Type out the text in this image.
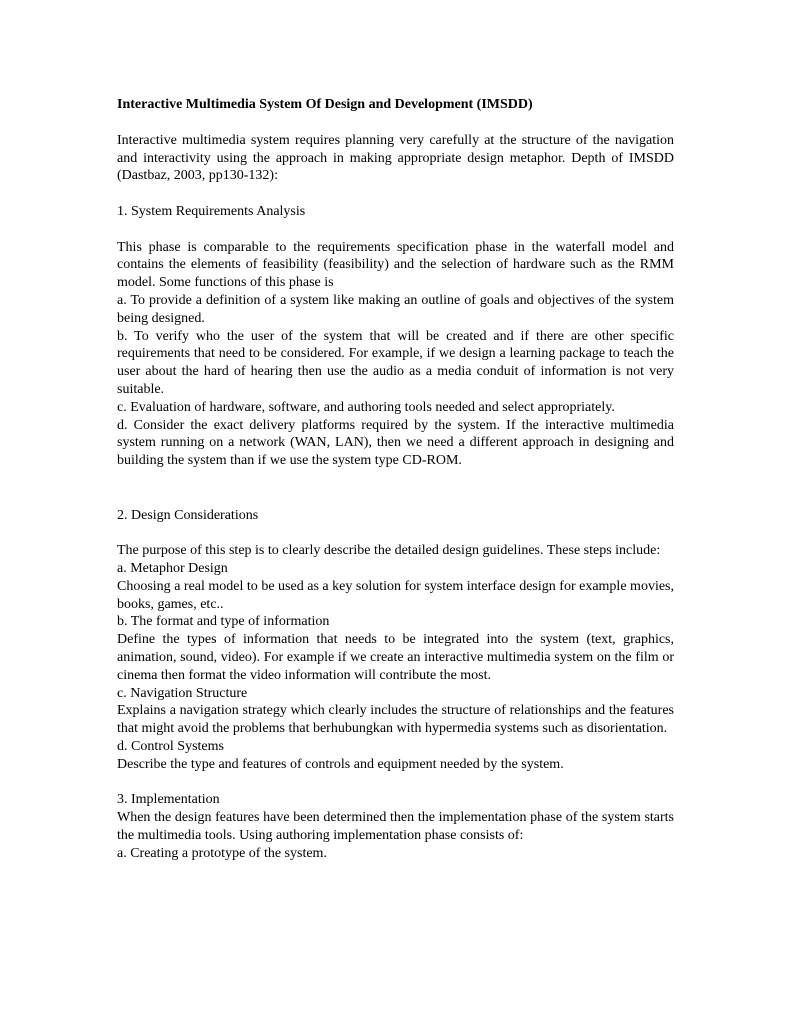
Interactive Multimedia System Of Design and Development (IMSDD)

Interactive multimedia system requires planning very carefully at the structure of the navigation and interactivity using the approach in making appropriate design metaphor. Depth of IMSDD (Dastbaz, 2003, pp130-132):

1. System Requirements Analysis

This phase is comparable to the requirements specification phase in the waterfall model and contains the elements of feasibility (feasibility) and the selection of hardware such as the RMM model. Some functions of this phase is

a. To provide a definition of a system like making an outline of goals and objectives of the system being designed.

b. To verify who the user of the system that will be created and if there are other specific requirements that need to be considered. For example, if we design a learning package to teach the user about the hard of hearing then use the audio as a media conduit of information is not very suitable.

c. Evaluation of hardware, software, and authoring tools needed and select appropriately.

d. Consider the exact delivery platforms required by the system. If the interactive multimedia system running on a network (WAN, LAN), then we need a different approach in designing and building the system than if we use the system type CD-ROM.

2. Design Considerations

The purpose of this step is to clearly describe the detailed design guidelines. These steps include:

a. Metaphor Design

Choosing a real model to be used as a key solution for system interface design for example movies, books, games, etc..

b. The format and type of information

Define the types of information that needs to be integrated into the system (text, graphics, animation, sound, video). For example if we create an interactive multimedia system on the film or cinema then format the video information will contribute the most.

c. Navigation Structure

Explains a navigation strategy which clearly includes the structure of relationships and the features that might avoid the problems that berhubungkan with hypermedia systems such as disorientation.

d. Control Systems

Describe the type and features of controls and equipment needed by the system.

3. Implementation

When the design features have been determined then the implementation phase of the system starts the multimedia tools. Using authoring implementation phase consists of:

a. Creating a prototype of the system.
